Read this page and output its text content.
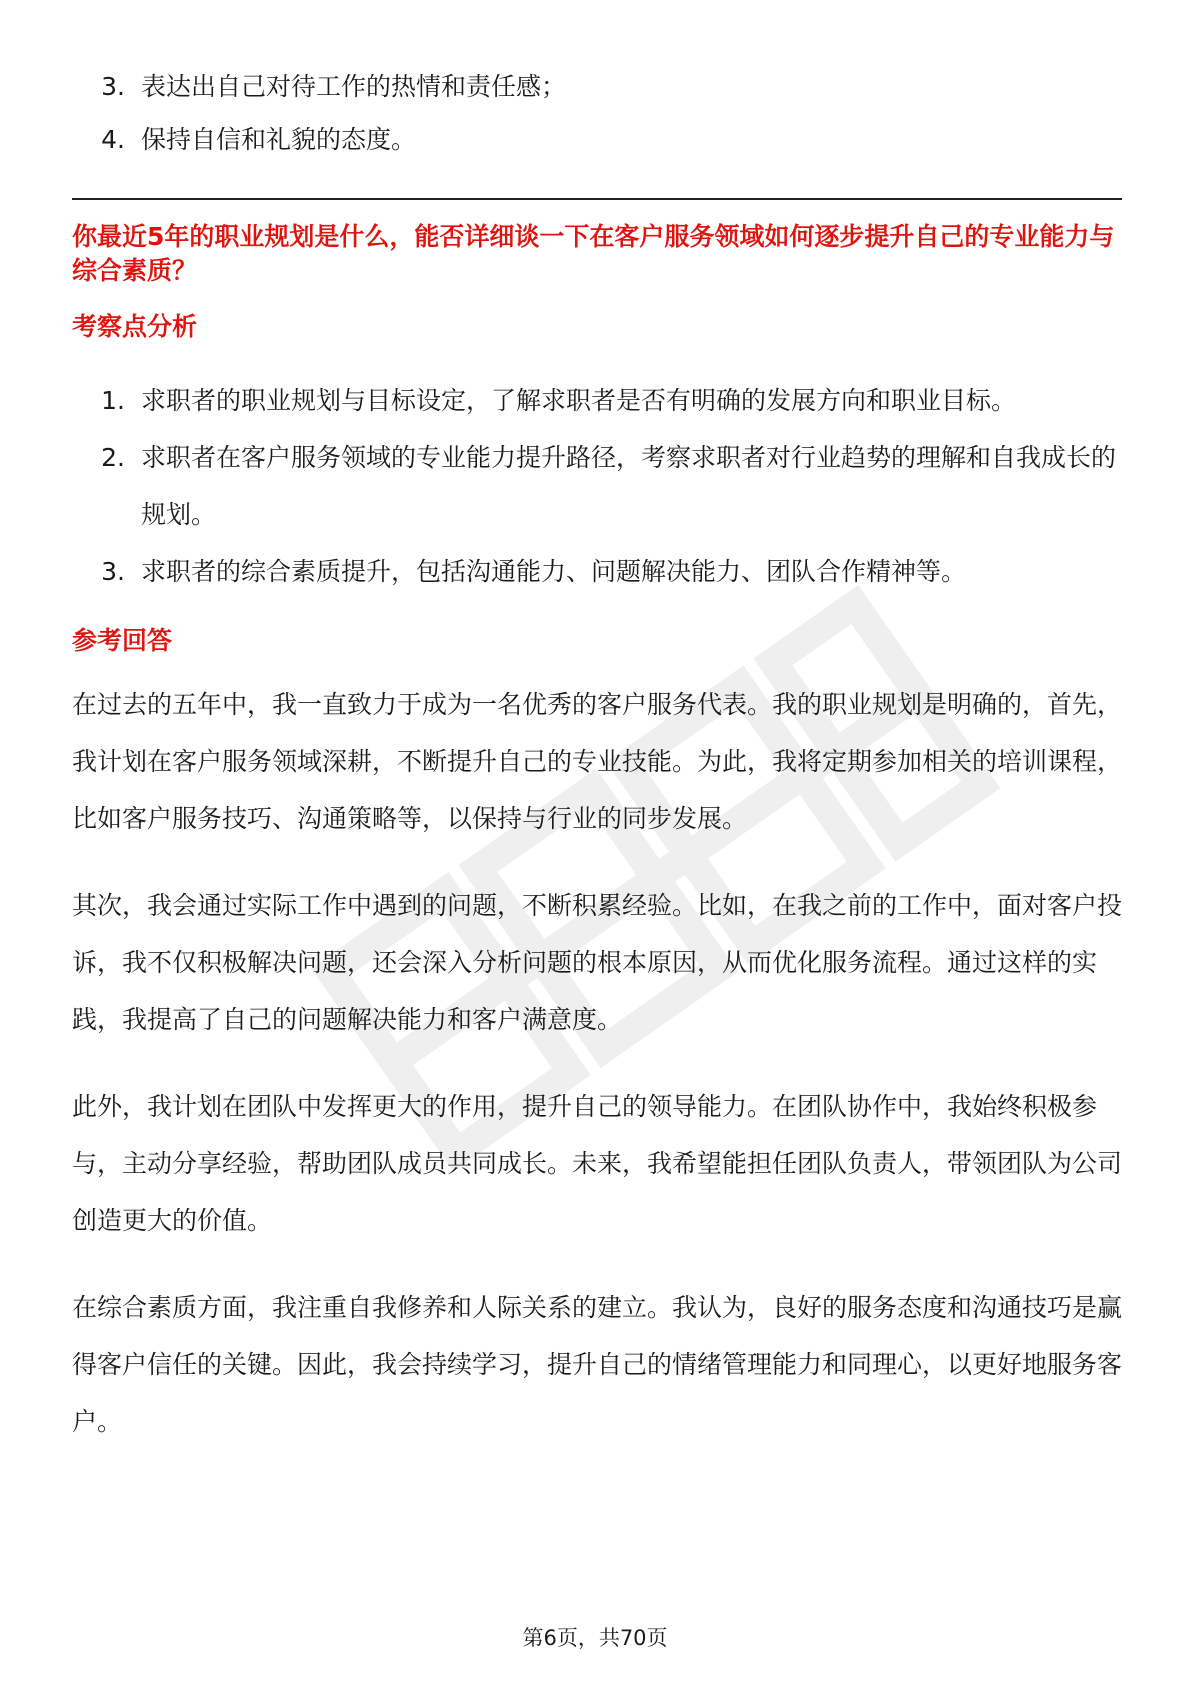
3. 表达出自己对待工作的热情和责任感；
4. 保持自信和礼貌的态度。
你最近5年的职业规划是什么，能否详细谈一下在客户服务领域如何逐步提升自己的专业能力与综合素质？
考察点分析
1. 求职者的职业规划与目标设定，了解求职者是否有明确的发展方向和职业目标。
2. 求职者在客户服务领域的专业能力提升路径，考察求职者对行业趋势的理解和自我成长的规划。
3. 求职者的综合素质提升，包括沟通能力、问题解决能力、团队合作精神等。
参考回答

在过去的五年中，我一直致力于成为一名优秀的客户服务代表。我的职业规划是明确的，首先，我计划在客户服务领域深耕，不断提升自己的专业技能。为此，我将定期参加相关的培训课程，比如客户服务技巧、沟通策略等，以保持与行业的同步发展。

其次，我会通过实际工作中遇到的问题，不断积累经验。比如，在我之前的工作中，面对客户投诉，我不仅积极解决问题，还会深入分析问题的根本原因，从而优化服务流程。通过这样的实践，我提高了自己的问题解决能力和客户满意度。

此外，我计划在团队中发挥更大的作用，提升自己的领导能力。在团队协作中，我始终积极参与，主动分享经验，帮助团队成员共同成长。未来，我希望能担任团队负责人，带领团队为公司创造更大的价值。

在综合素质方面，我注重自我修养和人际关系的建立。我认为，良好的服务态度和沟通技巧是赢得客户信任的关键。因此，我会持续学习，提升自己的情绪管理能力和同理心，以更好地服务客户。

第6页，共70页
